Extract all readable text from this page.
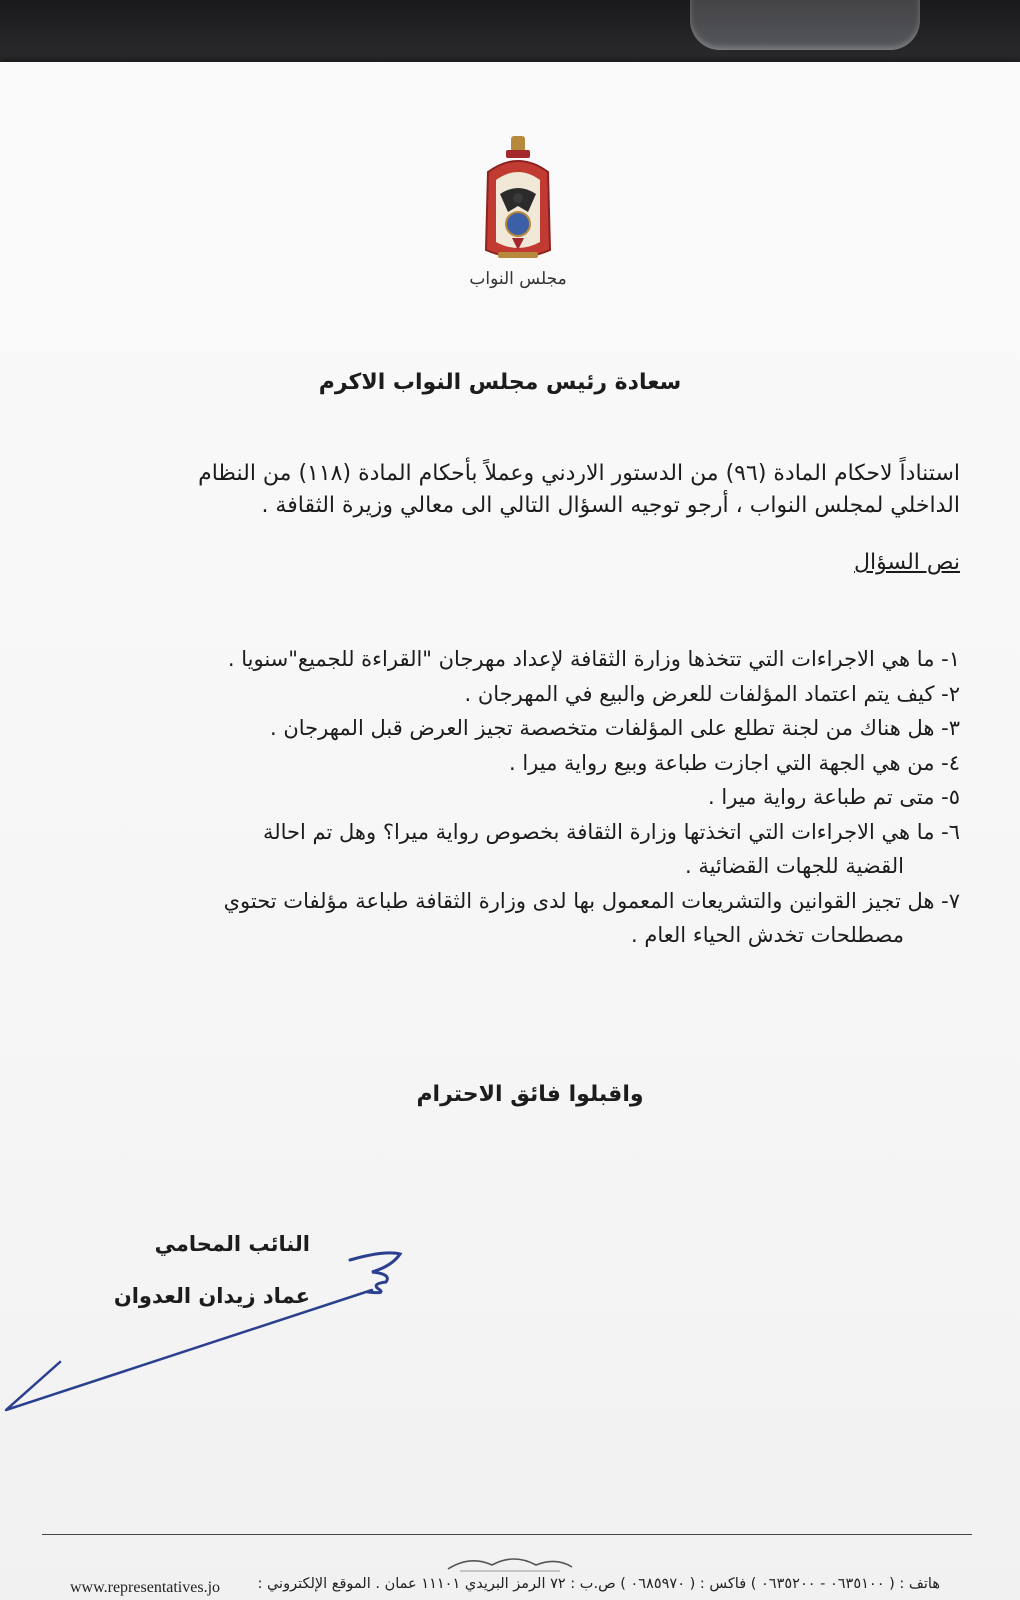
مجلس النواب
سعادة رئيس مجلس النواب الاكرم
استناداً لاحكام المادة (٩٦) من الدستور الاردني وعملاً بأحكام المادة (١١٨) من النظام الداخلي لمجلس النواب ، أرجو توجيه السؤال التالي الى معالي وزيرة الثقافة .
نص السؤال
١- ما هي الاجراءات التي تتخذها وزارة الثقافة لإعداد مهرجان "القراءة للجميع"سنويا .
٢- كيف يتم اعتماد المؤلفات للعرض والبيع في المهرجان .
٣- هل هناك من لجنة تطلع على المؤلفات متخصصة تجيز العرض قبل المهرجان .
٤- من هي الجهة التي اجازت طباعة وبيع رواية ميرا .
٥- متى تم طباعة رواية ميرا .
٦- ما هي الاجراءات التي اتخذتها وزارة الثقافة بخصوص رواية ميرا؟ وهل تم احالة
القضية للجهات القضائية .
٧- هل تجيز القوانين والتشريعات المعمول بها لدى وزارة الثقافة طباعة مؤلفات تحتوي
مصطلحات تخدش الحياء العام .
واقبلوا فائق الاحترام
النائب المحامي
عماد زيدان العدوان
هاتف : ( ٠٦٣٥١٠٠ - ٠٦٣٥٢٠٠ ) فاكس : ( ٠٦٨٥٩٧٠ ) ص.ب : ٧٢ الرمز البريدي ١١١٠١ عمان . الموقع الإلكتروني :
www.representatives.jo
